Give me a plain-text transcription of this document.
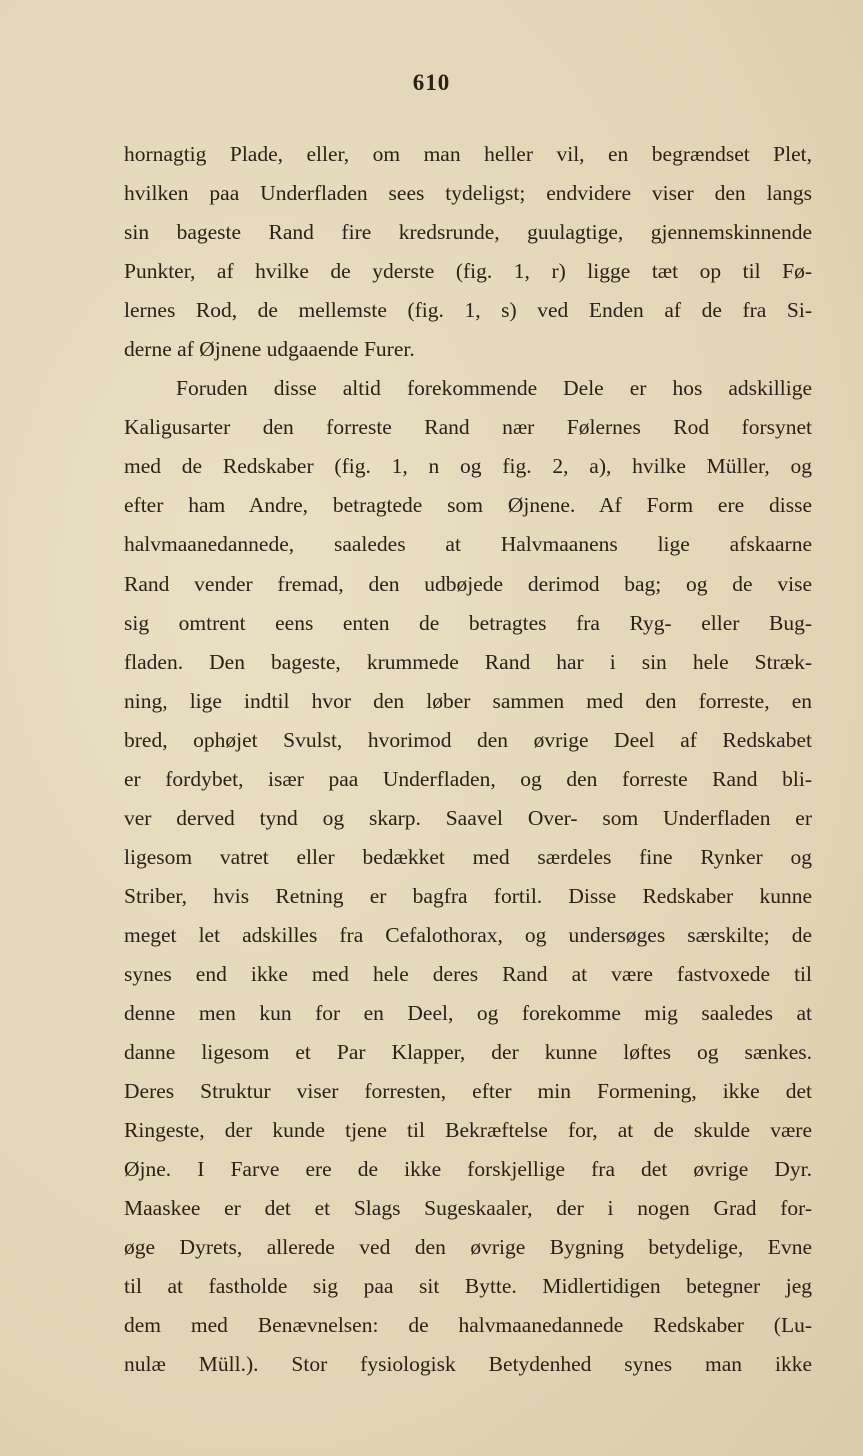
610
hornagtig Plade, eller, om man heller vil, en begrændset Plet,
hvilken paa Underfladen sees tydeligst; endvidere viser den langs
sin bageste Rand fire kredsrunde, guulagtige, gjennemskinnende
Punkter, af hvilke de yderste (fig. 1, r) ligge tæt op til Fø-
lernes Rod, de mellemste (fig. 1, s) ved Enden af de fra Si-
derne af Øjnene udgaaende Furer.
Foruden disse altid forekommende Dele er hos adskillige
Kaligusarter den forreste Rand nær Følernes Rod forsynet
med de Redskaber (fig. 1, n og fig. 2, a), hvilke Müller, og
efter ham Andre, betragtede som Øjnene. Af Form ere disse
halvmaanedannede, saaledes at Halvmaanens lige afskaarne
Rand vender fremad, den udbøjede derimod bag; og de vise
sig omtrent eens enten de betragtes fra Ryg- eller Bug-
fladen. Den bageste, krummede Rand har i sin hele Stræk-
ning, lige indtil hvor den løber sammen med den forreste, en
bred, ophøjet Svulst, hvorimod den øvrige Deel af Redskabet
er fordybet, især paa Underfladen, og den forreste Rand bli-
ver derved tynd og skarp. Saavel Over- som Underfladen er
ligesom vatret eller bedækket med særdeles fine Rynker og
Striber, hvis Retning er bagfra fortil. Disse Redskaber kunne
meget let adskilles fra Cefalothorax, og undersøges særskilte; de
synes end ikke med hele deres Rand at være fastvoxede til
denne men kun for en Deel, og forekomme mig saaledes at
danne ligesom et Par Klapper, der kunne løftes og sænkes.
Deres Struktur viser forresten, efter min Formening, ikke det
Ringeste, der kunde tjene til Bekræftelse for, at de skulde være
Øjne. I Farve ere de ikke forskjellige fra det øvrige Dyr.
Maaskee er det et Slags Sugeskaaler, der i nogen Grad for-
øge Dyrets, allerede ved den øvrige Bygning betydelige, Evne
til at fastholde sig paa sit Bytte. Midlertidigen betegner jeg
dem med Benævnelsen: de halvmaanedannede Redskaber (Lu-
nulæ Müll.). Stor fysiologisk Betydenhed synes man ikke
